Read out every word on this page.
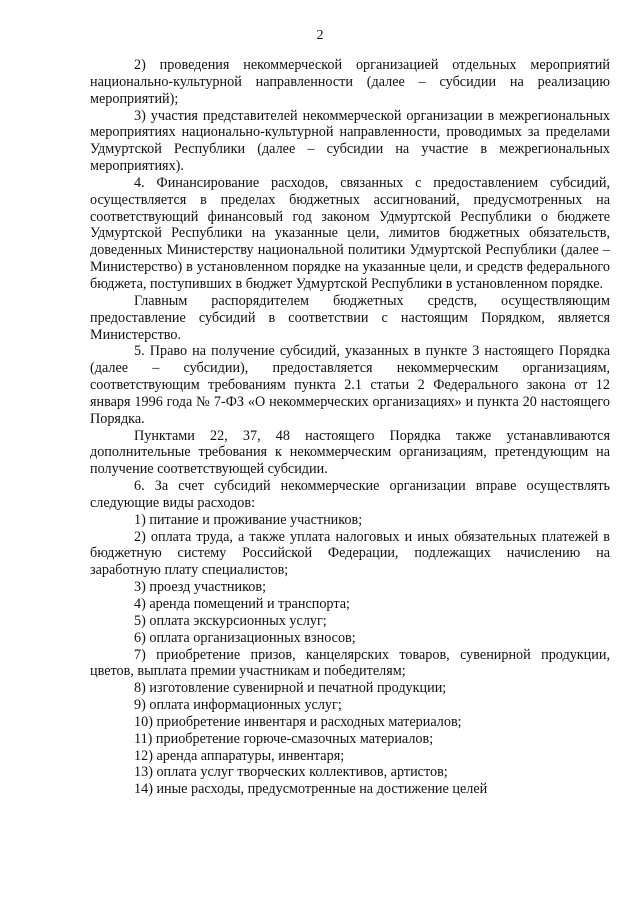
2

2) проведения некоммерческой организацией отдельных мероприятий национально-культурной направленности (далее – субсидии на реализацию мероприятий);

3) участия представителей некоммерческой организации в межрегиональных мероприятиях национально-культурной направленности, проводимых за пределами Удмуртской Республики (далее – субсидии на участие в межрегиональных мероприятиях).

4. Финансирование расходов, связанных с предоставлением субсидий, осуществляется в пределах бюджетных ассигнований, предусмотренных на соответствующий финансовый год законом Удмуртской Республики о бюджете Удмуртской Республики на указанные цели, лимитов бюджетных обязательств, доведенных Министерству национальной политики Удмуртской Республики (далее – Министерство) в установленном порядке на указанные цели, и средств федерального бюджета, поступивших в бюджет Удмуртской Республики в установленном порядке.

Главным распорядителем бюджетных средств, осуществляющим предоставление субсидий в соответствии с настоящим Порядком, является Министерство.

5. Право на получение субсидий, указанных в пункте 3 настоящего Порядка (далее – субсидии), предоставляется некоммерческим организациям, соответствующим требованиям пункта 2.1 статьи 2 Федерального закона от 12 января 1996 года № 7-ФЗ «О некоммерческих организациях» и пункта 20 настоящего Порядка.

Пунктами 22, 37, 48 настоящего Порядка также устанавливаются дополнительные требования к некоммерческим организациям, претендующим на получение соответствующей субсидии.

6. За счет субсидий некоммерческие организации вправе осуществлять следующие виды расходов:

1) питание и проживание участников;

2) оплата труда, а также уплата налоговых и иных обязательных платежей в бюджетную систему Российской Федерации, подлежащих начислению на заработную плату специалистов;

3) проезд участников;

4) аренда помещений и транспорта;

5) оплата экскурсионных услуг;

6) оплата организационных взносов;

7) приобретение призов, канцелярских товаров, сувенирной продукции, цветов, выплата премии участникам и победителям;

8) изготовление сувенирной и печатной продукции;

9) оплата информационных услуг;

10) приобретение инвентаря и расходных материалов;

11) приобретение горюче-смазочных материалов;

12) аренда аппаратуры, инвентаря;

13) оплата услуг творческих коллективов, артистов;

14) иные расходы, предусмотренные на достижение целей
